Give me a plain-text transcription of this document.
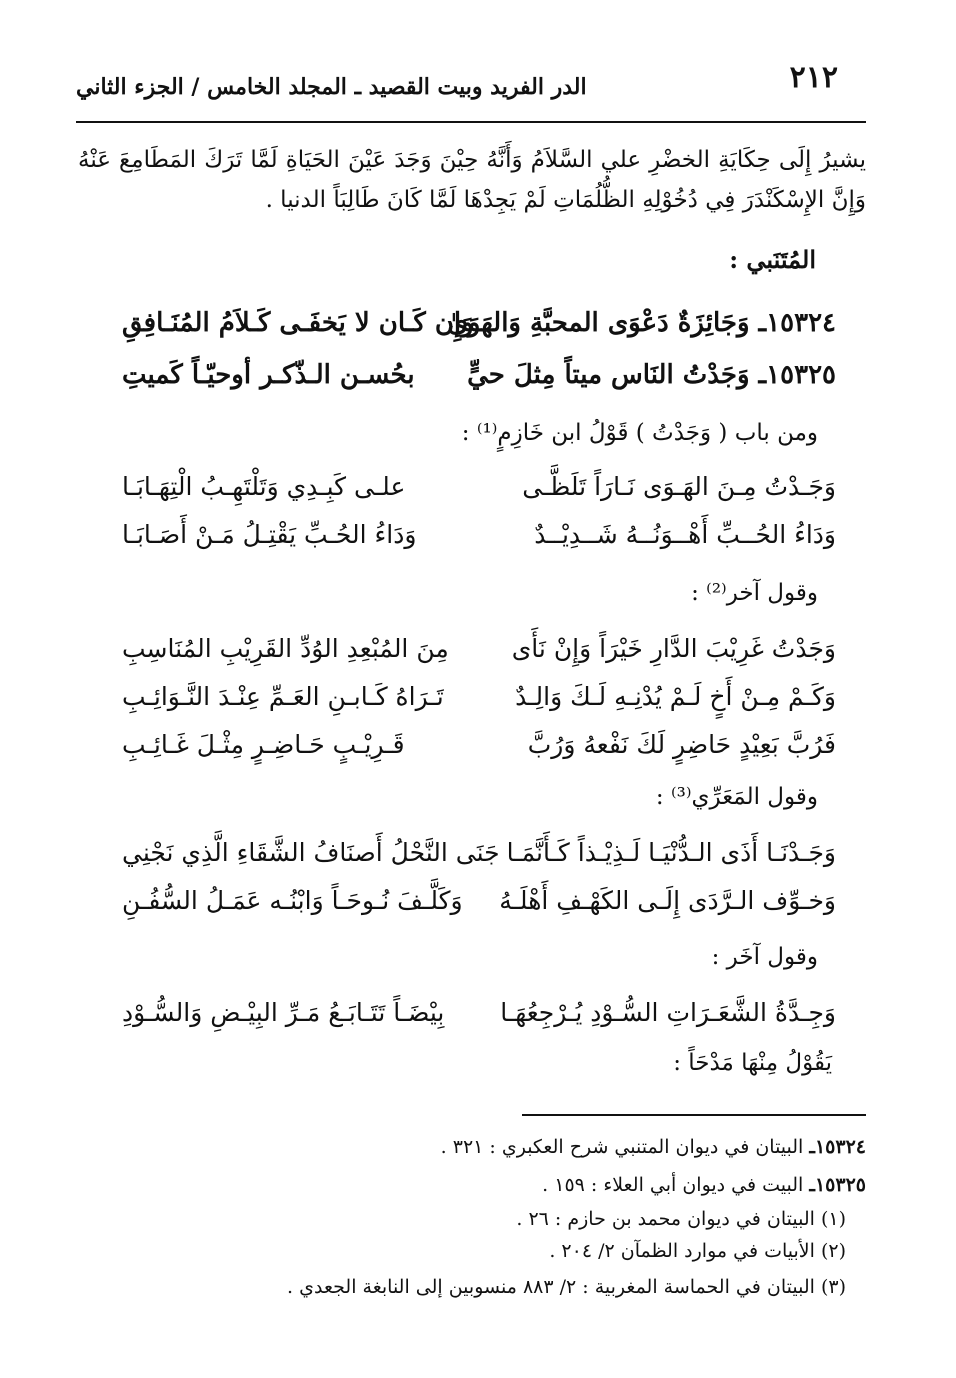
٢١٢
الدر الفريد وبيت القصيد ـ المجلد الخامس / الجزء الثاني
يشيرُ إِلَى حِكَايَةِ الخضْرِ علي السَّلاَمُ وَأَنَّهُ حِيْنَ وَجَدَ عَيْنَ الحَيَاةِ لَمَّا تَرَكَ المَطَامِعَ عَنْهُ وَإِنَّ الإِسْكَنْدَرَ فِي دُخُوْلِهِ الظُّلُمَاتِ لَمْ يَجِدْهَا لَمَّا كَانَ طَالِبَاً الدنيا .
المُتَنَبي :
١٥٣٢٤ـ وَجَائِزَةٌ دَعْوَى المحبَّةِ وَالهَوَىٰ
وَإِن كَـان لا يَخفَـى كَـلاَمُ المُنَـافِقِ
١٥٣٢٥ـ وَجَدْتُ النَاس ميتاً مِثلَ حيٍّ
بحُسـن الـذّكـر أوحيّـاً كَميتِ
ومن باب ( وَجَدْتُ ) قَوْلُ ابن خَازِمٍ⁽¹⁾ :
وَجَـدْتُ مِـنَ الهَـوَى نَـارَاً تَلَظَّـى
علـى كَبِـدِي وَتَلْتَهِـبُ الْتِهَـابَـا
وَدَاءُ الحُــبِّ أَهْــوَنُــهُ شَــدِيْــدٌ
وَدَاءُ الحُـبِّ يَقْتِـلُ مَـنْ أَصَـابَـا
وقول آخر⁽²⁾ :
وَجَدْتُ غَرِيْبَ الدَّارِ خَيْرَاً وَإِنْ نَأَى
مِنَ المُبْعِدِ الوُدِّ القَرِيْبِ المُنَاسِبِ
وَكَـمْ مِـنْ أَخٍ لَـمْ يُدْنِـهِ لَـكَ وَالِـدٌ
تَـرَاهُ كَـابـنِ العَـمِّ عِنْـدَ النَّـوَائِـبِ
فَرُبَّ بَعِيْدٍ حَاضِرٍ لَكَ نَفْعهُ وَرُبَّ
قَـرِيْـبٍ حَـاضِـرٍ مِثْـلَ غَـائِـبِ
وقول المَعَرِّي⁽³⁾ :
وَجَـدْنَـا أَذَى الـدُّنْيَـا لَـذِيْـذاً كَـأَنَّمَـا
جَنَى النَّحْلُ أَصنَافُ الشَّقَاءِ الَّذِي نَجْنِي
وَخـوِّف الـرَّدَى إِلَـى الكَهْـفِ أَهْلَـهُ
وَكَلَّـفَ نُـوحَـاً وَابْنُـه عَمَـلُ السُّفُـنِ
وقول آخَر :
وَجِـدَّةُ الشَّعَـرَاتِ السُّـوْدِ يُـرْجِعُهَـا
بِيْضَـاً تَتَـابَـعُ مَـرِّ البِيْـضِ وَالسُّـوْدِ
يَقُوْلُ مِنْهَا مَدْحَاً :
١٥٣٢٤ـ البيتان في ديوان المتنبي شرح العكبري : ٣٢١ .
١٥٣٢٥ـ البيت في ديوان أبي العلاء : ١٥٩ .
(١) البيتان في ديوان محمد بن حازم : ٢٦ .
(٢) الأبيات في موارد الظمآن ٢/ ٢٠٤ .
(٣) البيتان في الحماسة المغربية : ٢/ ٨٨٣ منسوبين إلى النابغة الجعدي .
